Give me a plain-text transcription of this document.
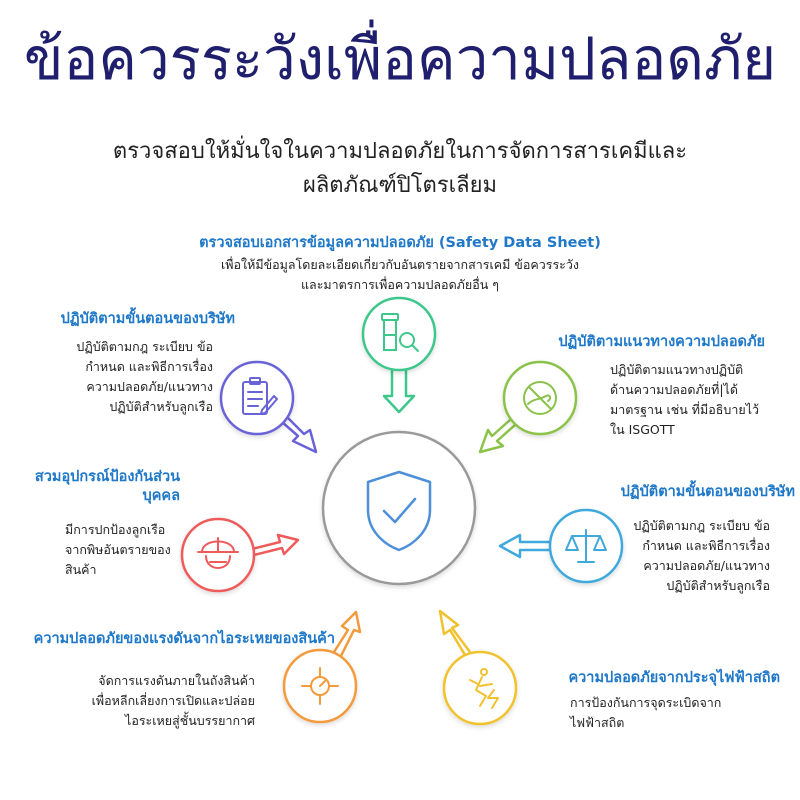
ข้อควรระวังเพื่อความปลอดภัย
ตรวจสอบให้มั่นใจในความปลอดภัยในการจัดการสารเคมีและผลิตภัณฑ์ปิโตรเลียม
ตรวจสอบเอกสารข้อมูลความปลอดภัย (Safety Data Sheet)
เพื่อให้มีข้อมูลโดยละเอียดเกี่ยวกับอันตรายจากสารเคมี ข้อควรระวังและมาตรการเพื่อความปลอดภัยอื่น ๆ
ปฏิบัติตามขั้นตอนของบริษัท
ปฏิบัติตามกฎ ระเบียบ ข้อกำหนด และพิธีการเรื่องความปลอดภัย/แนวทางปฏิบัติสำหรับลูกเรือ
ปฏิบัติตามแนวทางความปลอดภัย
ปฏิบัติตามแนวทางปฏิบัติด้านความปลอดภัยที่|ได้มาตรฐาน เช่น ที่มีอธิบายไว้ใน ISGOTT
สวมอุปกรณ์ป้องกันส่วนบุคคล
มีการปกป้องลูกเรือจากพิษอันตรายของสินค้า
ปฏิบัติตามขั้นตอนของบริษัท
ปฏิบัติตามกฎ ระเบียบ ข้อกำหนด และพิธีการเรื่องความปลอดภัย/แนวทางปฏิบัติสำหรับลูกเรือ
ความปลอดภัยของแรงดันจากไอระเหยของสินค้า
จัดการแรงดันภายในถังสินค้าเพื่อหลีกเลี่ยงการเปิดและปล่อยไอระเหยสู่ชั้นบรรยากาศ
ความปลอดภัยจากประจุไฟฟ้าสถิต
การป้องกันการจุดระเบิดจากไฟฟ้าสถิต
